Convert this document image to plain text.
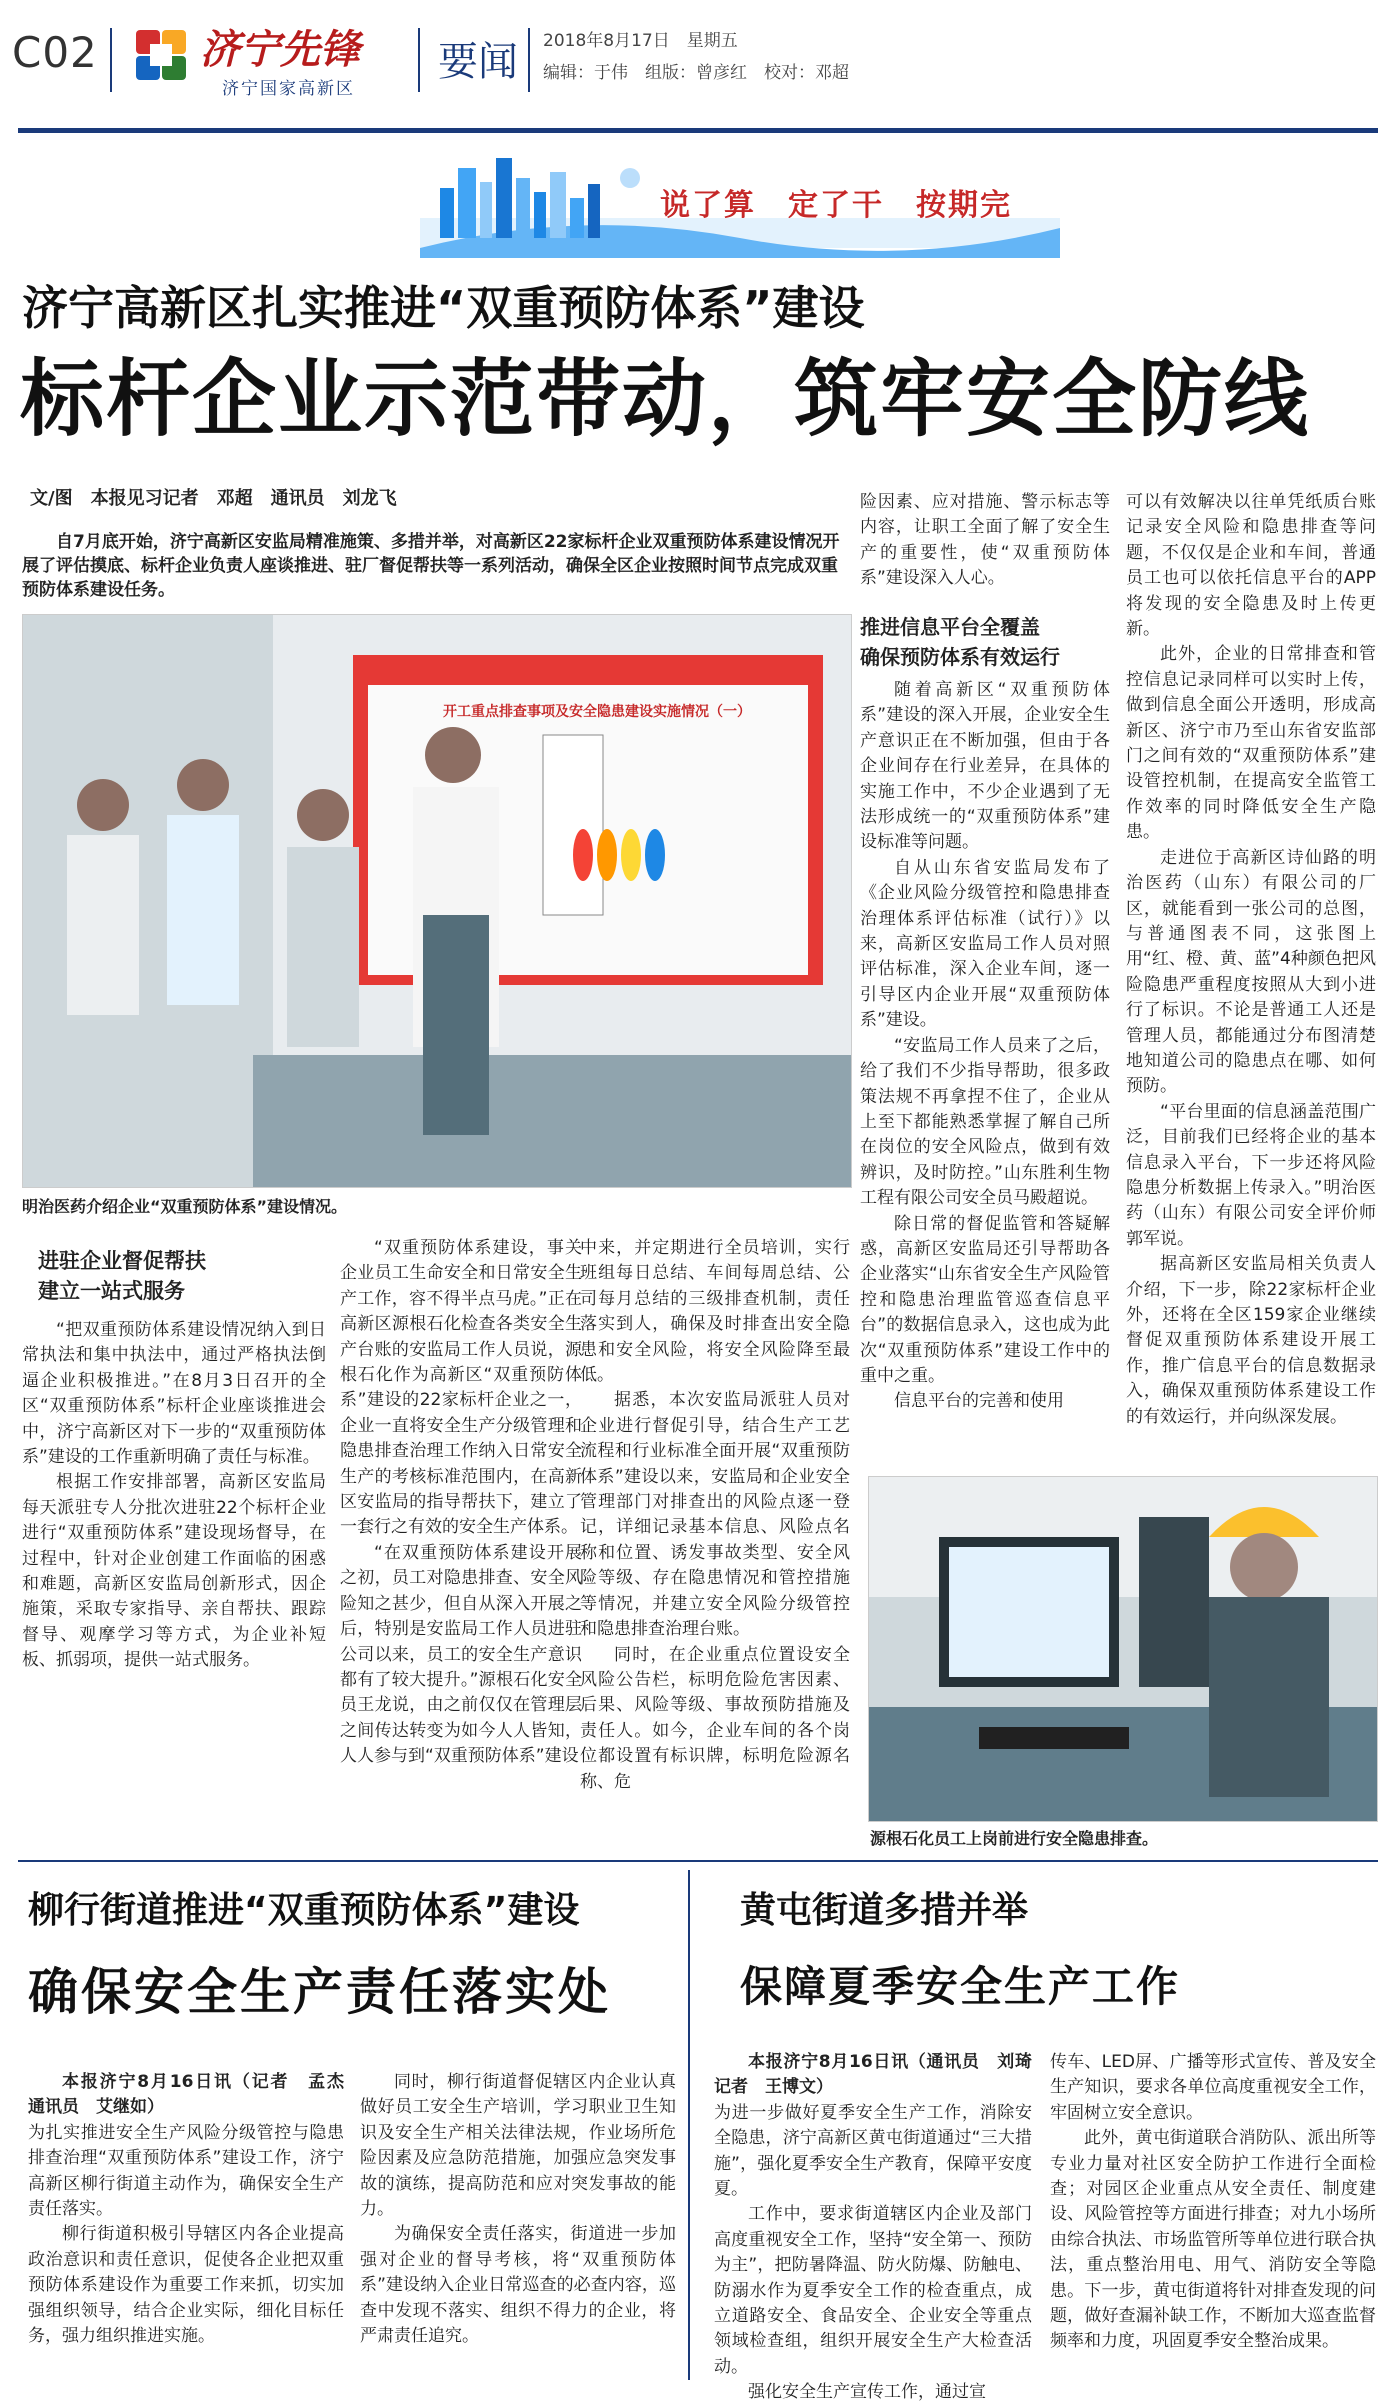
C02	济宁先锋
济宁国家高新区
要闻 2018年8月17日　星期五
编辑：于伟　组版：曾彦红　校对：邓超
说了算　定了干　按期完
济宁高新区扎实推进“双重预防体系”建设
标杆企业示范带动，筑牢安全防线
文/图　本报见习记者　邓超　通讯员　刘龙飞
自7月底开始，济宁高新区安监局精准施策、多措并举，对高新区22家标杆企业双重预防体系建设情况开展了评估摸底、标杆企业负责人座谈推进、驻厂督促帮扶等一系列活动，确保全区企业按照时间节点完成双重预防体系建设任务。
开工重点排查事项及安全隐患建设实施情况（一）
明治医药介绍企业“双重预防体系”建设情况。
进驻企业督促帮扶
建立一站式服务

“把双重预防体系建设情况纳入到日常执法和集中执法中，通过严格执法倒逼企业积极推进。”在8月3日召开的全区“双重预防体系”标杆企业座谈推进会中，济宁高新区对下一步的“双重预防体系”建设的工作重新明确了责任与标准。

根据工作安排部署，高新区安监局每天派驻专人分批次进驻22个标杆企业进行“双重预防体系”建设现场督导，在过程中，针对企业创建工作面临的困惑和难题，高新区安监局创新形式，因企施策，采取专家指导、亲自帮扶、跟踪督导、观摩学习等方式，为企业补短板、抓弱项，提供一站式服务。

“双重预防体系建设，事关企业员工生命安全和日常安全生产工作，容不得半点马虎。”正在高新区源根石化检查各类安全生产台账的安监局工作人员说，源根石化作为高新区“双重预防体系”建设的22家标杆企业之一，企业一直将安全生产分级管理和隐患排查治理工作纳入日常安全生产的考核标准范围内，在高新区安监局的指导帮扶下，建立了一套行之有效的安全生产体系。

“在双重预防体系建设开展之初，员工对隐患排查、安全风险知之甚少，但自从深入开展之后，特别是安监局工作人员进驻公司以来，员工的安全生产意识都有了较大提升。”源根石化安全员王龙说，由之前仅仅在管理层之间传达转变为如今人人皆知，人人参与到“双重预防体系”建设

中来，并定期进行全员培训，实行班组每日总结、车间每周总结、公司每月总结的三级排查机制，责任落实到人，确保及时排查出安全隐患和安全风险，将安全风险降至最低。

据悉，本次安监局派驻人员对企业进行督促引导，结合生产工艺流程和行业标准全面开展“双重预防体系”建设以来，安监局和企业安全管理部门对排查出的风险点逐一登记，详细记录基本信息、风险点名称和位置、诱发事故类型、安全风险等级、存在隐患情况和管控措施等情况，并建立安全风险分级管控和隐患排查治理台账。

同时，在企业重点位置设安全风险公告栏，标明危险危害因素、后果、风险等级、事故预防措施及责任人。如今，企业车间的各个岗位都设置有标识牌，标明危险源名称、危

险因素、应对措施、警示标志等内容，让职工全面了解了安全生产的重要性，使“双重预防体系”建设深入人心。

推进信息平台全覆盖
确保预防体系有效运行

随着高新区“双重预防体系”建设的深入开展，企业安全生产意识正在不断加强，但由于各企业间存在行业差异，在具体的实施工作中，不少企业遇到了无法形成统一的“双重预防体系”建设标准等问题。

自从山东省安监局发布了《企业风险分级管控和隐患排查治理体系评估标准（试行）》以来，高新区安监局工作人员对照评估标准，深入企业车间，逐一引导区内企业开展“双重预防体系”建设。

“安监局工作人员来了之后，给了我们不少指导帮助，很多政策法规不再拿捏不住了，企业从上至下都能熟悉掌握了解自己所在岗位的安全风险点，做到有效辨识，及时防控。”山东胜利生物工程有限公司安全员马殿超说。

除日常的督促监管和答疑解惑，高新区安监局还引导帮助各企业落实“山东省安全生产风险管控和隐患治理监管巡查信息平台”的数据信息录入，这也成为此次“双重预防体系”建设工作中的重中之重。

信息平台的完善和使用

可以有效解决以往单凭纸质台账记录安全风险和隐患排查等问题，不仅仅是企业和车间，普通员工也可以依托信息平台的APP将发现的安全隐患及时上传更新。

此外，企业的日常排查和管控信息记录同样可以实时上传，做到信息全面公开透明，形成高新区、济宁市乃至山东省安监部门之间有效的“双重预防体系”建设管控机制，在提高安全监管工作效率的同时降低安全生产隐患。

走进位于高新区诗仙路的明治医药（山东）有限公司的厂区，就能看到一张公司的总图，与普通图表不同，这张图上用“红、橙、黄、蓝”4种颜色把风险隐患严重程度按照从大到小进行了标识。不论是普通工人还是管理人员，都能通过分布图清楚地知道公司的隐患点在哪、如何预防。

“平台里面的信息涵盖范围广泛，目前我们已经将企业的基本信息录入平台，下一步还将风险隐患分析数据上传录入。”明治医药（山东）有限公司安全评价师郭军说。

据高新区安监局相关负责人介绍，下一步，除22家标杆企业外，还将在全区159家企业继续督促双重预防体系建设开展工作，推广信息平台的信息数据录入，确保双重预防体系建设工作的有效运行，并向纵深发展。

源根石化员工上岗前进行安全隐患排查。
柳行街道推进“双重预防体系”建设
确保安全生产责任落实处

本报济宁8月16日讯（记者　孟杰　通讯员　艾继如）

为扎实推进安全生产风险分级管控与隐患排查治理“双重预防体系”建设工作，济宁高新区柳行街道主动作为，确保安全生产责任落实。

柳行街道积极引导辖区内各企业提高政治意识和责任意识，促使各企业把双重预防体系建设作为重要工作来抓，切实加强组织领导，结合企业实际，细化目标任务，强力组织推进实施。

同时，柳行街道督促辖区内企业认真做好员工安全生产培训，学习职业卫生知识及安全生产相关法律法规，作业场所危险因素及应急防范措施，加强应急突发事故的演练，提高防范和应对突发事故的能力。

为确保安全责任落实，街道进一步加强对企业的督导考核，将“双重预防体系”建设纳入企业日常巡查的必查内容，巡查中发现不落实、组织不得力的企业，将严肃责任追究。

黄屯街道多措并举
保障夏季安全生产工作

本报济宁8月16日讯（通讯员　刘琦　记者　王博文）

为进一步做好夏季安全生产工作，消除安全隐患，济宁高新区黄屯街道通过“三大措施”，强化夏季安全生产教育，保障平安度夏。

工作中，要求街道辖区内企业及部门高度重视安全工作，坚持“安全第一、预防为主”，把防暑降温、防火防爆、防触电、防溺水作为夏季安全工作的检查重点，成立道路安全、食品安全、企业安全等重点领域检查组，组织开展安全生产大检查活动。

强化安全生产宣传工作，通过宣

传车、LED屏、广播等形式宣传、普及安全生产知识，要求各单位高度重视安全工作，牢固树立安全意识。

此外，黄屯街道联合消防队、派出所等专业力量对社区安全防护工作进行全面检查；对园区企业重点从安全责任、制度建设、风险管控等方面进行排查；对九小场所由综合执法、市场监管所等单位进行联合执法，重点整治用电、用气、消防安全等隐患。下一步，黄屯街道将针对排查发现的问题，做好查漏补缺工作，不断加大巡查监督频率和力度，巩固夏季安全整治成果。
